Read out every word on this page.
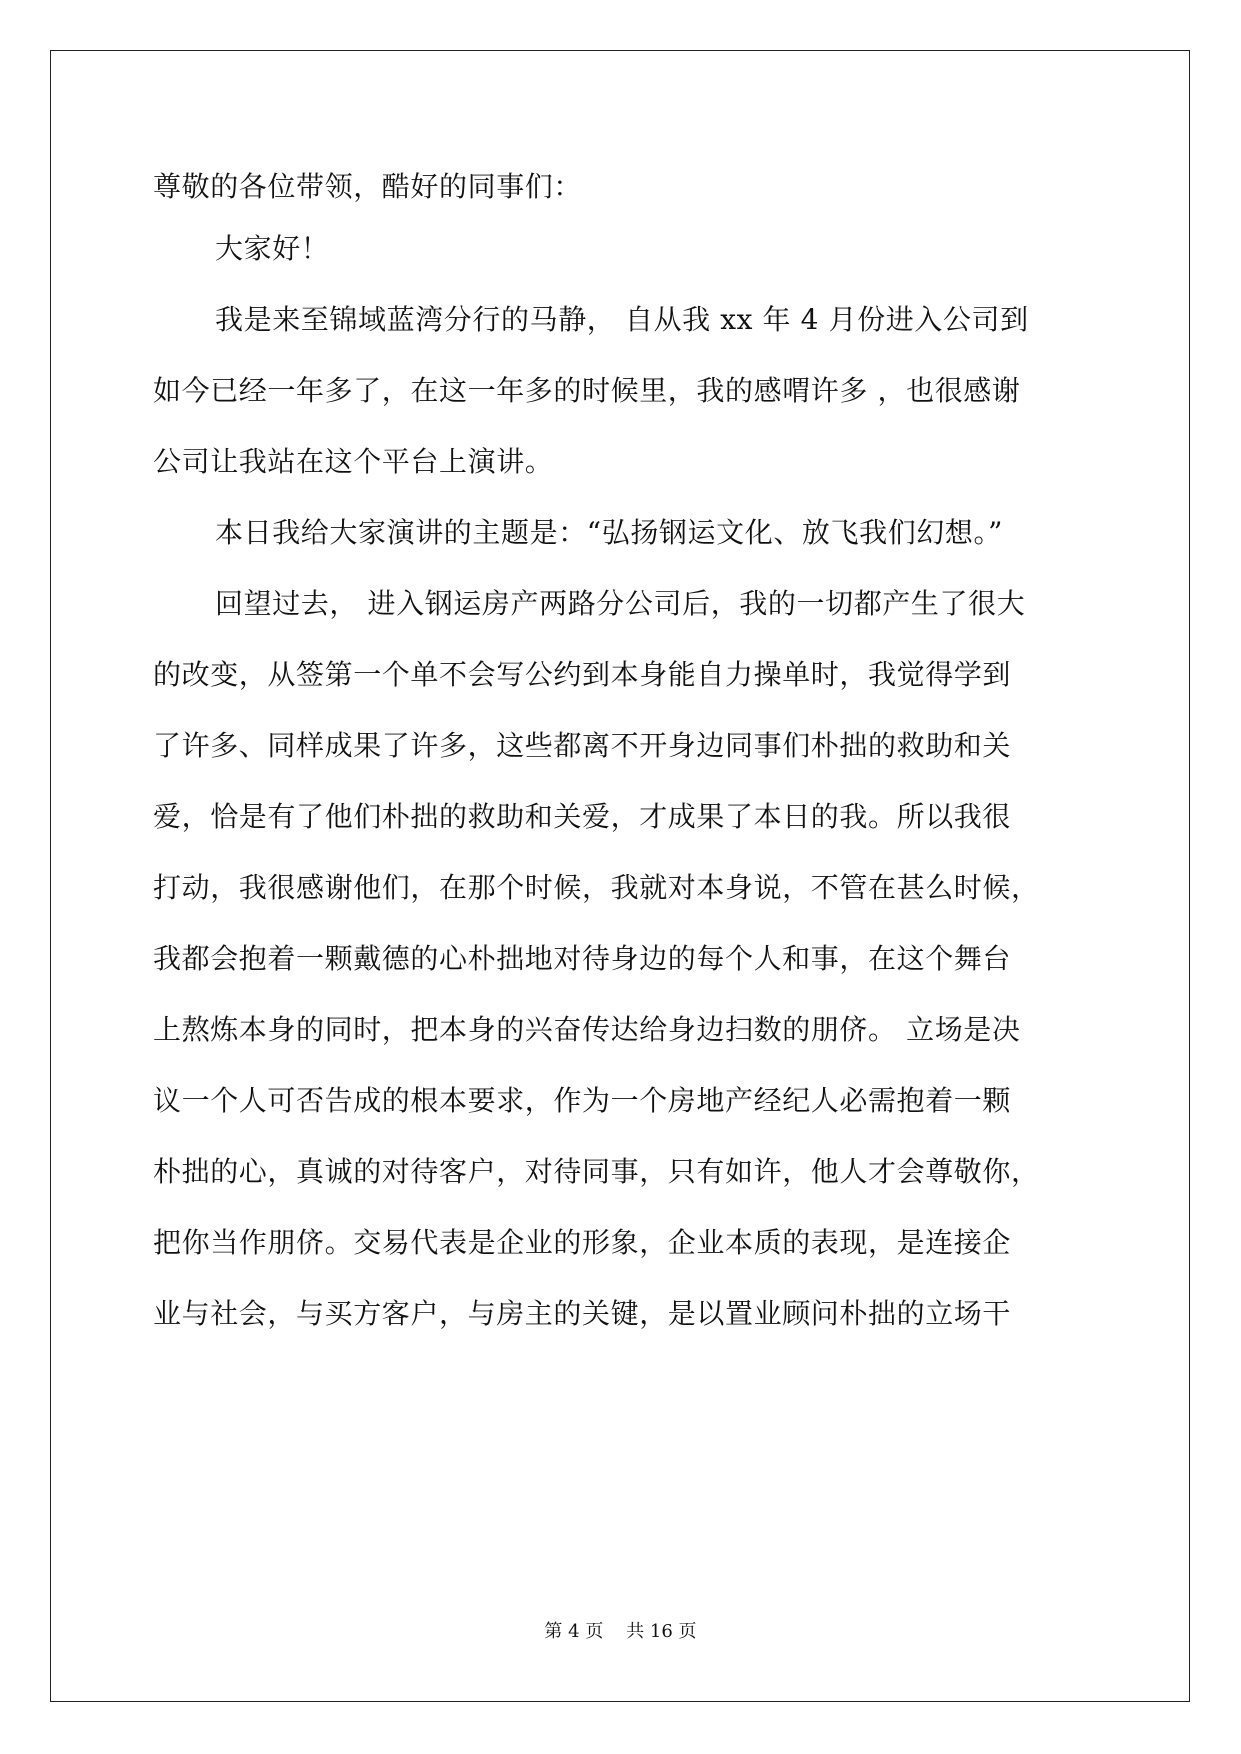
尊敬的各位带领，酷好的同事们：
大家好！
我是来至锦域蓝湾分行的马静， 自从我 xx 年 4 月份进入公司到
如今已经一年多了，在这一年多的时候里，我的感喟许多 ，也很感谢
公司让我站在这个平台上演讲。
本日我给大家演讲的主题是：“弘扬钢运文化、放飞我们幻想。”
回望过去， 进入钢运房产两路分公司后，我的一切都产生了很大
的改变，从签第一个单不会写公约到本身能自力操单时，我觉得学到
了许多、同样成果了许多，这些都离不开身边同事们朴拙的救助和关
爱，恰是有了他们朴拙的救助和关爱，才成果了本日的我。所以我很
打动，我很感谢他们，在那个时候，我就对本身说，不管在甚么时候，
我都会抱着一颗戴德的心朴拙地对待身边的每个人和事，在这个舞台
上熬炼本身的同时，把本身的兴奋传达给身边扫数的朋侪。 立场是决
议一个人可否告成的根本要求，作为一个房地产经纪人必需抱着一颗
朴拙的心，真诚的对待客户，对待同事，只有如许，他人才会尊敬你，
把你当作朋侪。交易代表是企业的形象，企业本质的表现，是连接企
业与社会，与买方客户，与房主的关键，是以置业顾问朴拙的立场干
第 4 页    共 16 页
